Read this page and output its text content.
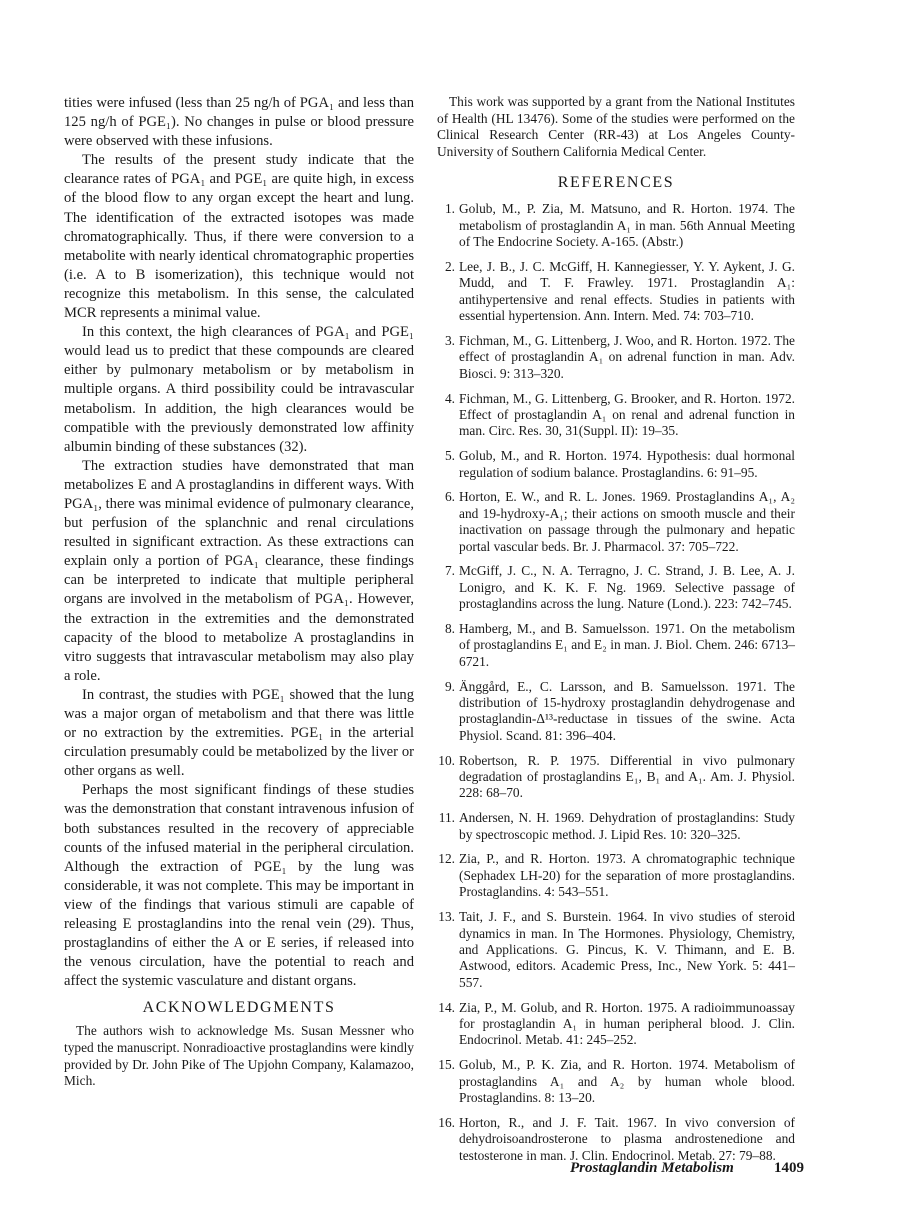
tities were infused (less than 25 ng/h of PGA₁ and less than 125 ng/h of PGE₁). No changes in pulse or blood pressure were observed with these infusions.

The results of the present study indicate that the clearance rates of PGA₁ and PGE₁ are quite high, in excess of the blood flow to any organ except the heart and lung. The identification of the extracted isotopes was made chromatographically. Thus, if there were conversion to a metabolite with nearly identical chromatographic properties (i.e. A to B isomerization), this technique would not recognize this metabolism. In this sense, the calculated MCR represents a minimal value.

In this context, the high clearances of PGA₁ and PGE₁ would lead us to predict that these compounds are cleared either by pulmonary metabolism or by metabolism in multiple organs. A third possibility could be intravascular metabolism. In addition, the high clearances would be compatible with the previously demonstrated low affinity albumin binding of these substances (32).

The extraction studies have demonstrated that man metabolizes E and A prostaglandins in different ways. With PGA₁, there was minimal evidence of pulmonary clearance, but perfusion of the splanchnic and renal circulations resulted in significant extraction. As these extractions can explain only a portion of PGA₁ clearance, these findings can be interpreted to indicate that multiple peripheral organs are involved in the metabolism of PGA₁. However, the extraction in the extremities and the demonstrated capacity of the blood to metabolize A prostaglandins in vitro suggests that intravascular metabolism may also play a role.

In contrast, the studies with PGE₁ showed that the lung was a major organ of metabolism and that there was little or no extraction by the extremities. PGE₁ in the arterial circulation presumably could be metabolized by the liver or other organs as well.

Perhaps the most significant findings of these studies was the demonstration that constant intravenous infusion of both substances resulted in the recovery of appreciable counts of the infused material in the peripheral circulation. Although the extraction of PGE₁ by the lung was considerable, it was not complete. This may be important in view of the findings that various stimuli are capable of releasing E prostaglandins into the renal vein (29). Thus, prostaglandins of either the A or E series, if released into the venous circulation, have the potential to reach and affect the systemic vasculature and distant organs.

ACKNOWLEDGMENTS

The authors wish to acknowledge Ms. Susan Messner who typed the manuscript. Nonradioactive prostaglandins were kindly provided by Dr. John Pike of The Upjohn Company, Kalamazoo, Mich.

This work was supported by a grant from the National Institutes of Health (HL 13476). Some of the studies were performed on the Clinical Research Center (RR-43) at Los Angeles County-University of Southern California Medical Center.

REFERENCES
1. Golub, M., P. Zia, M. Matsuno, and R. Horton. 1974. The metabolism of prostaglandin A₁ in man. 56th Annual Meeting of The Endocrine Society. A-165. (Abstr.)
2. Lee, J. B., J. C. McGiff, H. Kannegiesser, Y. Y. Aykent, J. G. Mudd, and T. F. Frawley. 1971. Prostaglandin A₁: antihypertensive and renal effects. Studies in patients with essential hypertension. Ann. Intern. Med. 74: 703–710.
3. Fichman, M., G. Littenberg, J. Woo, and R. Horton. 1972. The effect of prostaglandin A₁ on adrenal function in man. Adv. Biosci. 9: 313–320.
4. Fichman, M., G. Littenberg, G. Brooker, and R. Horton. 1972. Effect of prostaglandin A₁ on renal and adrenal function in man. Circ. Res. 30, 31(Suppl. II): 19–35.
5. Golub, M., and R. Horton. 1974. Hypothesis: dual hormonal regulation of sodium balance. Prostaglandins. 6: 91–95.
6. Horton, E. W., and R. L. Jones. 1969. Prostaglandins A₁, A₂ and 19-hydroxy-A₁; their actions on smooth muscle and their inactivation on passage through the pulmonary and hepatic portal vascular beds. Br. J. Pharmacol. 37: 705–722.
7. McGiff, J. C., N. A. Terragno, J. C. Strand, J. B. Lee, A. J. Lonigro, and K. K. F. Ng. 1969. Selective passage of prostaglandins across the lung. Nature (Lond.). 223: 742–745.
8. Hamberg, M., and B. Samuelsson. 1971. On the metabolism of prostaglandins E₁ and E₂ in man. J. Biol. Chem. 246: 6713–6721.
9. Änggård, E., C. Larsson, and B. Samuelsson. 1971. The distribution of 15-hydroxy prostaglandin dehydrogenase and prostaglandin-Δ¹³-reductase in tissues of the swine. Acta Physiol. Scand. 81: 396–404.
10. Robertson, R. P. 1975. Differential in vivo pulmonary degradation of prostaglandins E₁, B₁ and A₁. Am. J. Physiol. 228: 68–70.
11. Andersen, N. H. 1969. Dehydration of prostaglandins: Study by spectroscopic method. J. Lipid Res. 10: 320–325.
12. Zia, P., and R. Horton. 1973. A chromatographic technique (Sephadex LH-20) for the separation of more prostaglandins. Prostaglandins. 4: 543–551.
13. Tait, J. F., and S. Burstein. 1964. In vivo studies of steroid dynamics in man. In The Hormones. Physiology, Chemistry, and Applications. G. Pincus, K. V. Thimann, and E. B. Astwood, editors. Academic Press, Inc., New York. 5: 441–557.
14. Zia, P., M. Golub, and R. Horton. 1975. A radioimmunoassay for prostaglandin A₁ in human peripheral blood. J. Clin. Endocrinol. Metab. 41: 245–252.
15. Golub, M., P. K. Zia, and R. Horton. 1974. Metabolism of prostaglandins A₁ and A₂ by human whole blood. Prostaglandins. 8: 13–20.
16. Horton, R., and J. F. Tait. 1967. In vivo conversion of dehydroisoandrosterone to plasma androstenedione and testosterone in man. J. Clin. Endocrinol. Metab. 27: 79–88.
Prostaglandin Metabolism	1409
